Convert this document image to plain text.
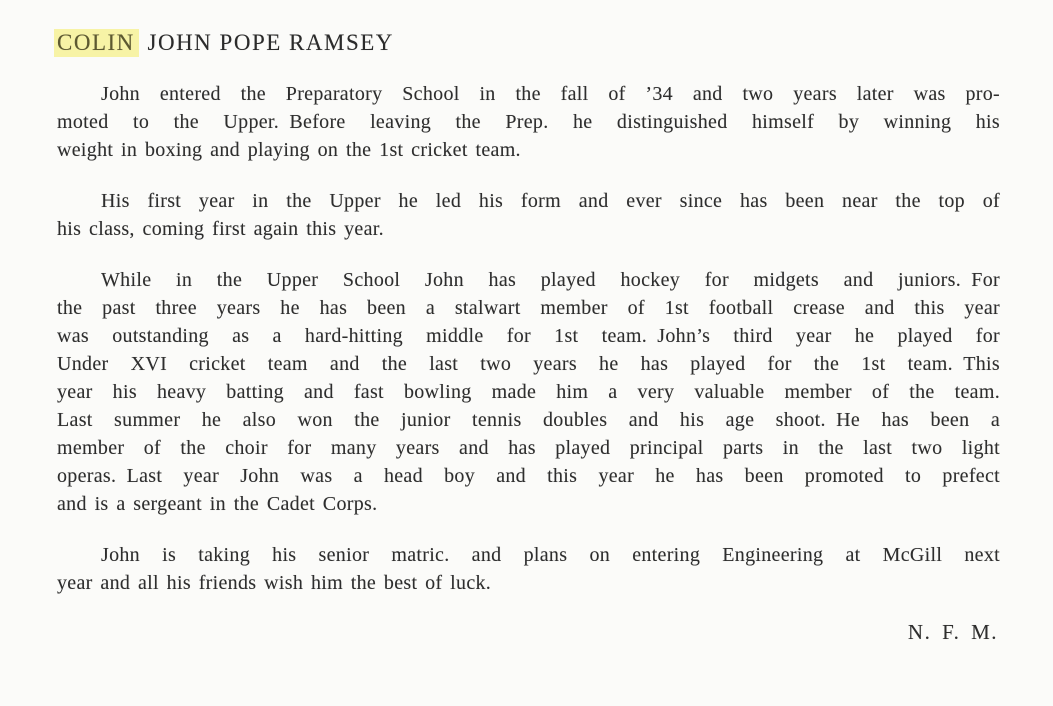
COLIN JOHN POPE RAMSEY
John entered the Preparatory School in the fall of ’34 and two years later was pro-
moted to the Upper. Before leaving the Prep. he distinguished himself by winning his
weight in boxing and playing on the 1st cricket team.
His first year in the Upper he led his form and ever since has been near the top of
his class, coming first again this year.
While in the Upper School John has played hockey for midgets and juniors. For
the past three years he has been a stalwart member of 1st football crease and this year
was outstanding as a hard-hitting middle for 1st team. John’s third year he played for
Under XVI cricket team and the last two years he has played for the 1st team. This
year his heavy batting and fast bowling made him a very valuable member of the team.
Last summer he also won the junior tennis doubles and his age shoot. He has been a
member of the choir for many years and has played principal parts in the last two light
operas. Last year John was a head boy and this year he has been promoted to prefect
and is a sergeant in the Cadet Corps.
John is taking his senior matric. and plans on entering Engineering at McGill next
year and all his friends wish him the best of luck.
N. F. M.
